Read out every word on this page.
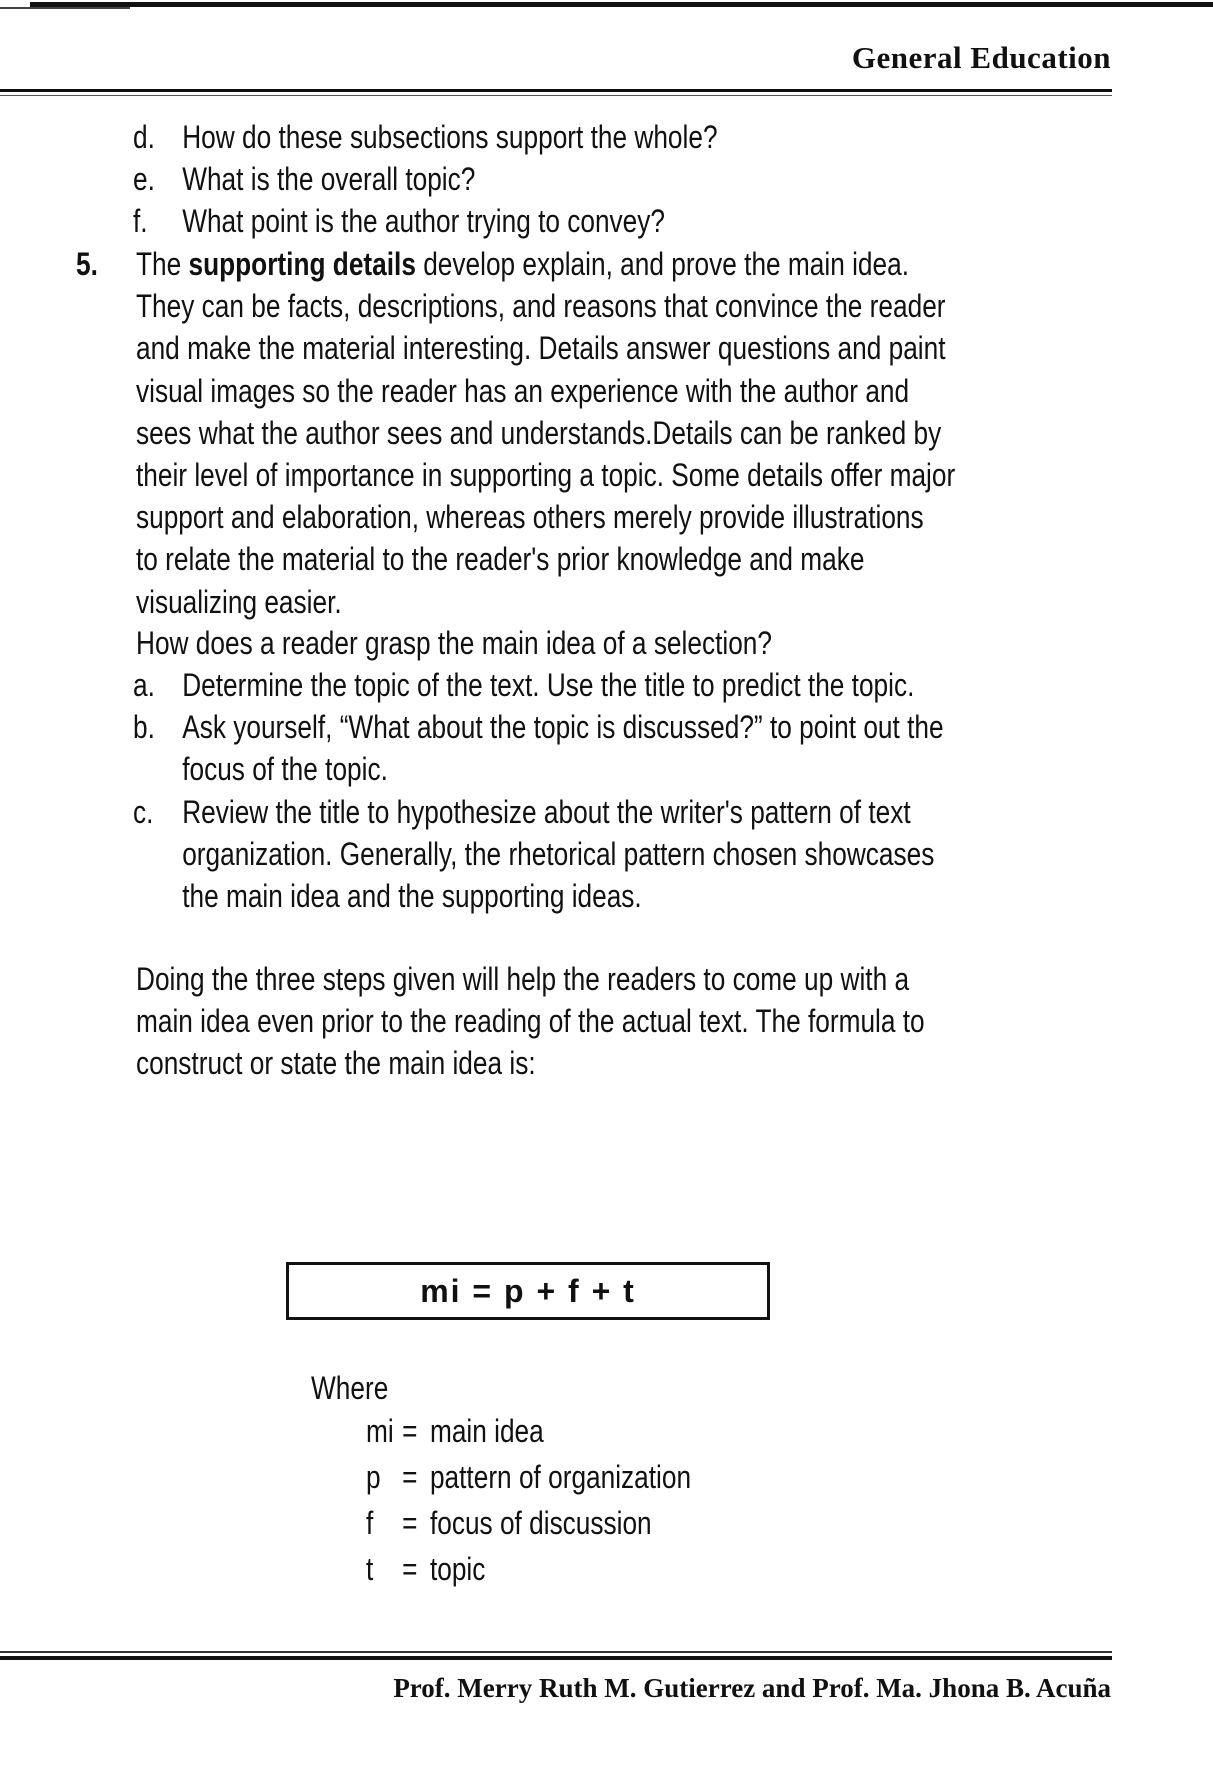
General Education
d. How do these subsections support the whole?
e. What is the overall topic?
f.	What point is the author trying to convey?
5. The supporting details develop explain, and prove the main idea.
They can be facts, descriptions, and reasons that convince the reader
and make the material interesting. Details answer questions and paint
visual images so the reader has an experience with the author and
sees what the author sees and understands.Details can be ranked by
their level of importance in supporting a topic. Some details offer major
support and elaboration, whereas others merely provide illustrations
to relate the material to the reader's prior knowledge and make
visualizing easier.
How does a reader grasp the main idea of a selection?
a. Determine the topic of the text. Use the title to predict the topic.
b. Ask yourself, “What about the topic is discussed?” to point out the
focus of the topic.
c. Review the title to hypothesize about the writer's pattern of text
organization. Generally, the rhetorical pattern chosen showcases
the main idea and the supporting ideas.
Doing the three steps given will help the readers to come up with a
main idea even prior to the reading of the actual text. The formula to
construct or state the main idea is:
mi = p + f + t
Where
mi = main idea
p = pattern of organization
f = focus of discussion
t = topic
Prof. Merry Ruth M. Gutierrez and Prof. Ma. Jhona B. Acuña
